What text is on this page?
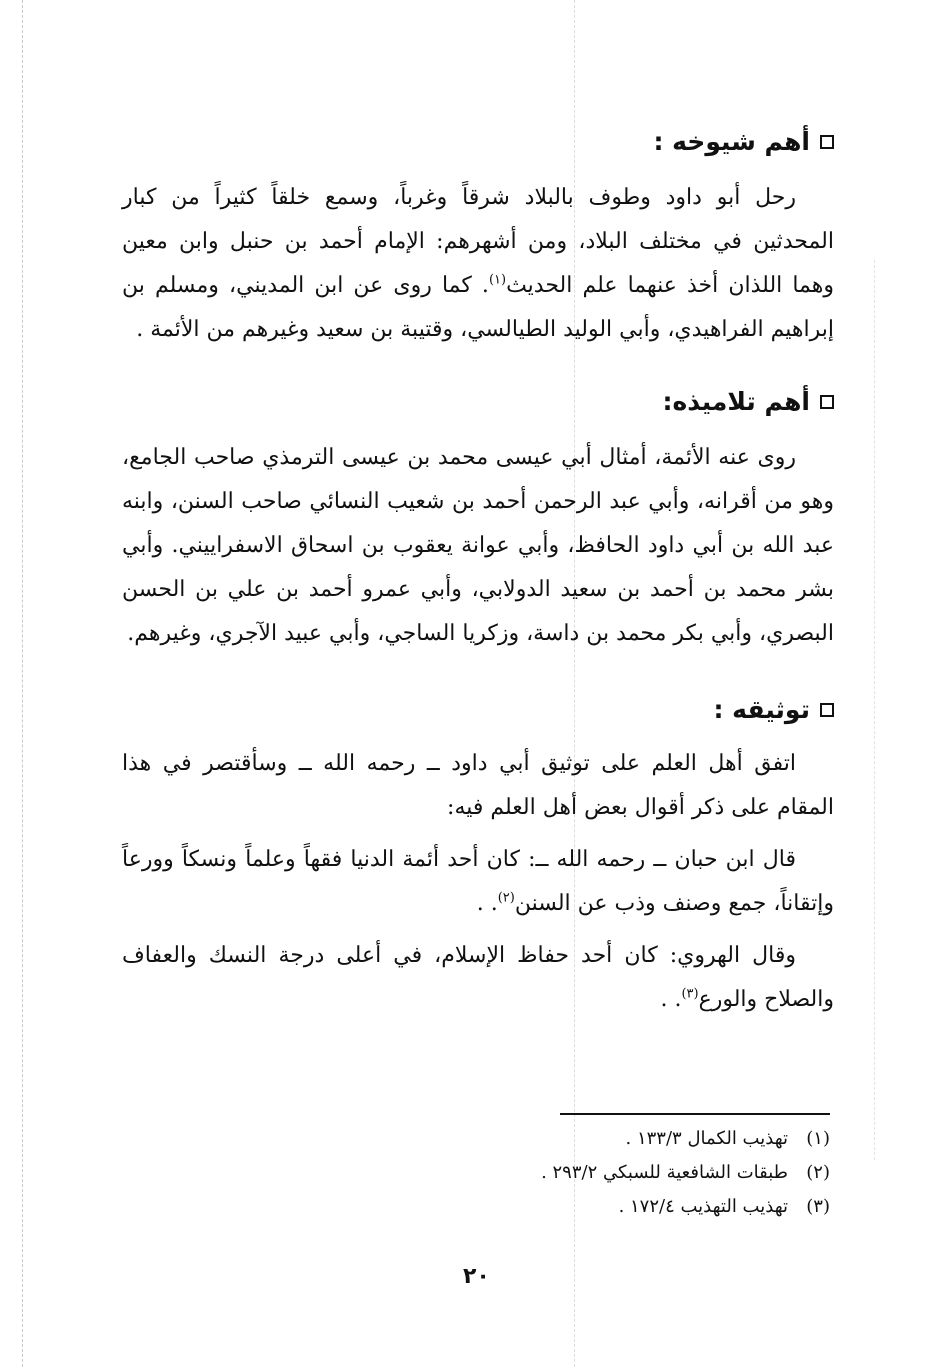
أهم شيوخه :

رحل أبو داود وطوف بالبلاد شرقاً وغرباً، وسمع خلقاً كثيراً من كبار المحدثين في مختلف البلاد، ومن أشهرهم: الإمام أحمد بن حنبل وابن معين وهما اللذان أخذ عنهما علم الحديث$^{(١)}$. كما روى عن ابن المديني، ومسلم بن إبراهيم الفراهيدي، وأبي الوليد الطيالسي، وقتيبة بن سعيد وغيرهم من الأئمة .

أهم تلاميذه:

روى عنه الأئمة، أمثال أبي عيسى محمد بن عيسى الترمذي صاحب الجامع، وهو من أقرانه، وأبي عبد الرحمن أحمد بن شعيب النسائي صاحب السنن، وابنه عبد الله بن أبي داود الحافظ، وأبي عوانة يعقوب بن اسحاق الاسفراييني. وأبي بشر محمد بن أحمد بن سعيد الدولابي، وأبي عمرو أحمد بن علي بن الحسن البصري، وأبي بكر محمد بن داسة، وزكريا الساجي، وأبي عبيد الآجري، وغيرهم.

توثيقه :

اتفق أهل العلم على توثيق أبي داود ــ رحمه الله ــ وسأقتصر في هذا المقام على ذكر أقوال بعض أهل العلم فيه:

قال ابن حبان ــ رحمه الله ــ: كان أحد أئمة الدنيا فقهاً وعلماً ونسكاً وورعاً وإتقاناً، جمع وصنف وذب عن السنن$^{(٢)}$. .

وقال الهروي: كان أحد حفاظ الإسلام، في أعلى درجة النسك والعفاف والصلاح والورع$^{(٣)}$. .

(١)
تهذيب الكمال ١٣٣/٣ .
(٢)
طبقات الشافعية للسبكي ٢٩٣/٢ .
(٣)
تهذيب التهذيب ١٧٢/٤ .
٢٠
